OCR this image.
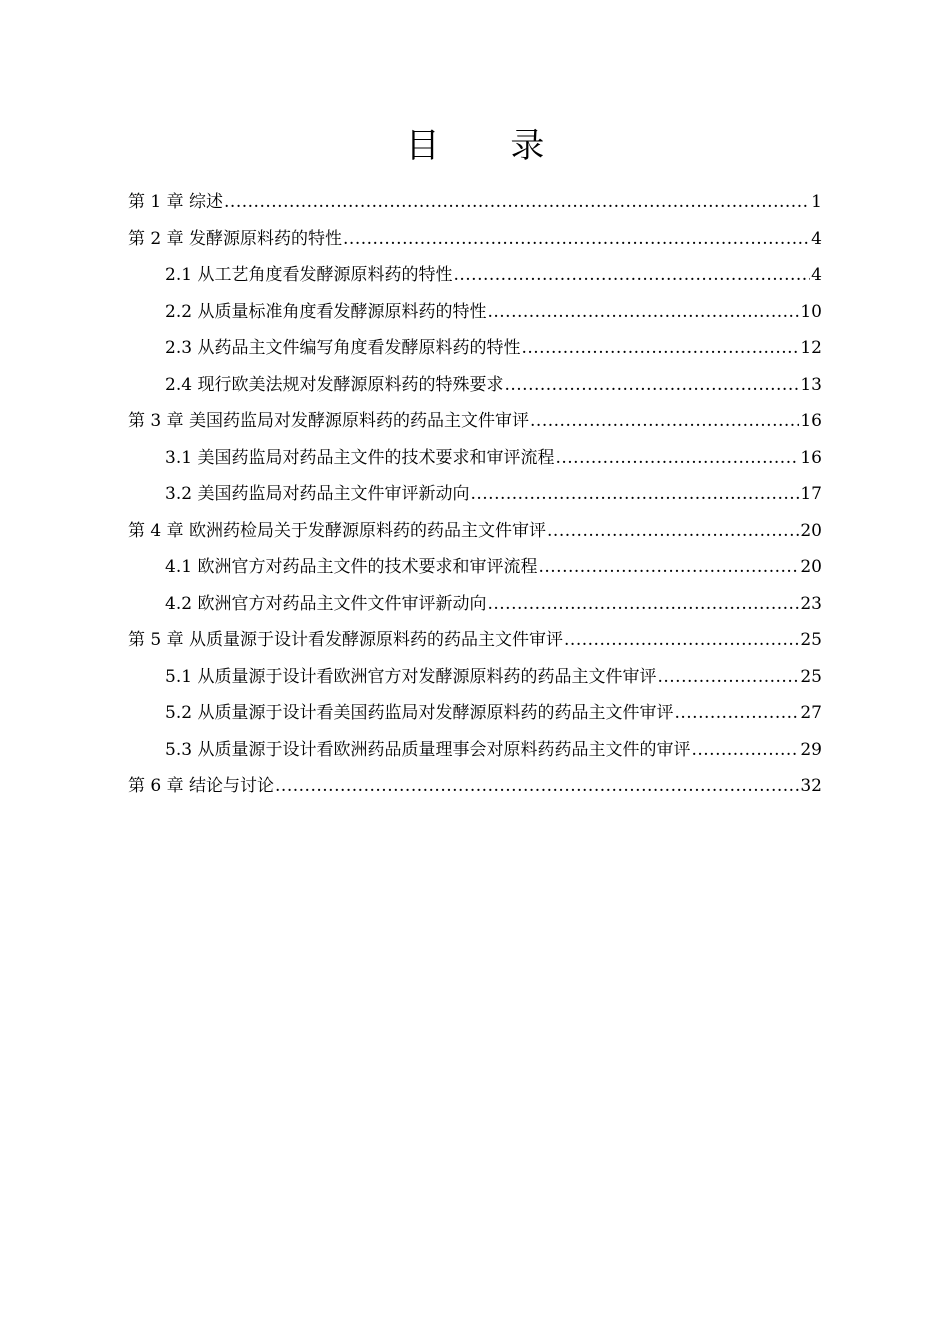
目 录
第 1 章 综述 .....	1
第 2 章 发酵源原料药的特性 .....	4
2.1 从工艺角度看发酵源原料药的特性 .....	4
2.2 从质量标准角度看发酵源原料药的特性 .....	10
2.3 从药品主文件编写角度看发酵原料药的特性 .....	12
2.4 现行欧美法规对发酵源原料药的特殊要求 .....	13
第 3 章 美国药监局对发酵源原料药的药品主文件审评 .....	16
3.1 美国药监局对药品主文件的技术要求和审评流程 .....	16
3.2 美国药监局对药品主文件审评新动向 .....	17
第 4 章 欧洲药检局关于发酵源原料药的药品主文件审评 .....	20
4.1 欧洲官方对药品主文件的技术要求和审评流程 .....	20
4.2 欧洲官方对药品主文件文件审评新动向 .....	23
第 5 章 从质量源于设计看发酵源原料药的药品主文件审评 .....	25
5.1 从质量源于设计看欧洲官方对发酵源原料药的药品主文件审评 .....	25
5.2 从质量源于设计看美国药监局对发酵源原料药的药品主文件审评 .....	27
5.3 从质量源于设计看欧洲药品质量理事会对原料药药品主文件的审评 .....	29
第 6 章 结论与讨论 .....	32
